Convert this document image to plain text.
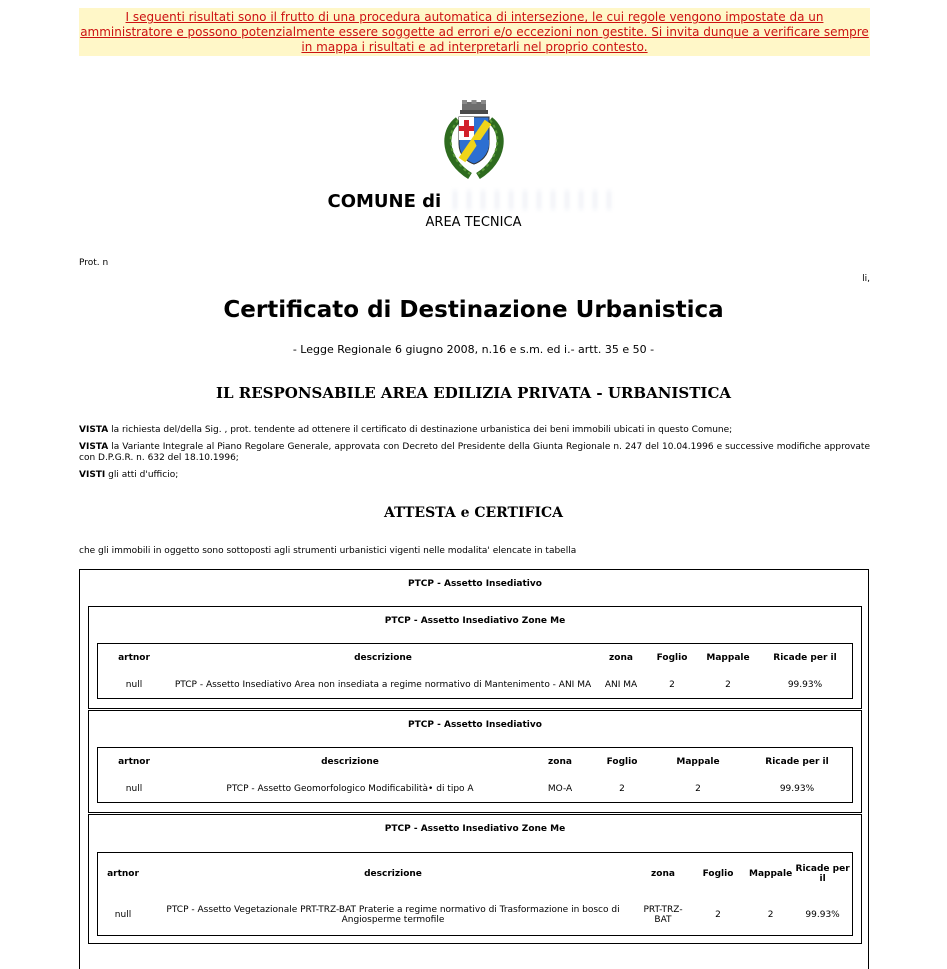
I seguenti risultati sono il frutto di una procedura automatica di intersezione, le cui regole vengono impostate da un amministratore e possono potenzialmente essere soggette ad errori e/o eccezioni non gestite. Si invita dunque a verificare sempre in mappa i risultati e ad interpretarli nel proprio contesto.
COMUNE di
AREA TECNICA
Prot. n
li,
Certificato di Destinazione Urbanistica
- Legge Regionale 6 giugno 2008, n.16 e s.m. ed i.- artt. 35 e 50 -
IL RESPONSABILE AREA EDILIZIA PRIVATA - URBANISTICA
VISTA la richiesta del/della Sig. , prot. tendente ad ottenere il certificato di destinazione urbanistica dei beni immobili ubicati in questo Comune;
VISTA la Variante Integrale al Piano Regolare Generale, approvata con Decreto del Presidente della Giunta Regionale n. 247 del 10.04.1996 e successive modifiche approvate con D.P.G.R. n. 632 del 18.10.1996;
VISTI gli atti d'ufficio;
ATTESTA e CERTIFICA
che gli immobili in oggetto sono sottoposti agli strumenti urbanistici vigenti nelle modalita' elencate in tabella
PTCP - Assetto Insediativo
PTCP - Assetto Insediativo Zone Me
artnor	descrizione	zona	Foglio	Mappale	Ricade per il
null	PTCP - Assetto Insediativo Area non insediata a regime normativo di Mantenimento - ANI MA	ANI MA	2	2	99.93%
PTCP - Assetto Insediativo
artnor	descrizione	zona	Foglio	Mappale	Ricade per il
null	PTCP - Assetto Geomorfologico Modificabilità• di tipo A	MO-A	2	2	99.93%
PTCP - Assetto Insediativo Zone Me
artnor	descrizione	zona	Foglio	Mappale	Ricade per il
null	PTCP - Assetto Vegetazionale PRT-TRZ-BAT Praterie a regime normativo di Trasformazione in bosco di Angiosperme termofile	PRT-TRZ-BAT	2	2	99.93%
